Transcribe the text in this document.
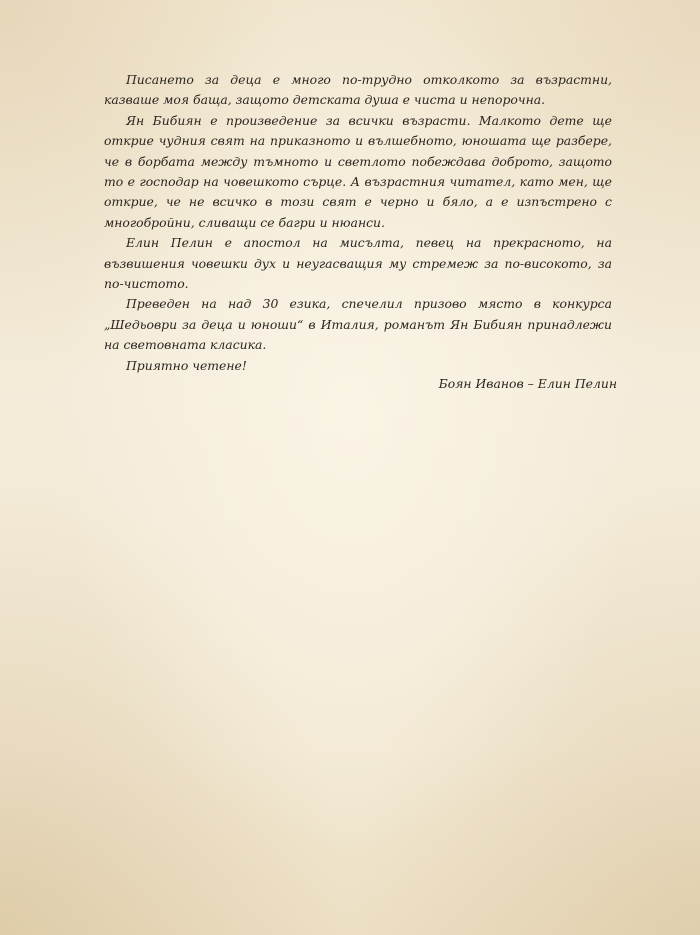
Писането за деца е много по-трудно отколкото за възрастни, казваше моя баща, защото детската душа е чиста и непорочна.

Ян Бибиян е произведение за всички възрасти. Малкото дете ще открие чудния свят на приказното и вълшебното, юношата ще разбере, че в борбата между тъмното и светлото побеждава доброто, защото то е господар на човешкото сърце. А възрастния читател, като мен, ще открие, че не всичко в този свят е черно и бяло, а е изпъстрено с многобройни, сливащи се багри и нюанси.

Елин Пелин е апостол на мисълта, певец на прекрасното, на възвишения човешки дух и неугасващия му стремеж за по-високото, за по-чистото.

Преведен на над 30 езика, спечелил призово място в конкурса „Шедьоври за деца и юноши“ в Италия, романът Ян Бибиян принадлежи на световната класика.

Приятно четене!

Боян Иванов – Елин Пелин
